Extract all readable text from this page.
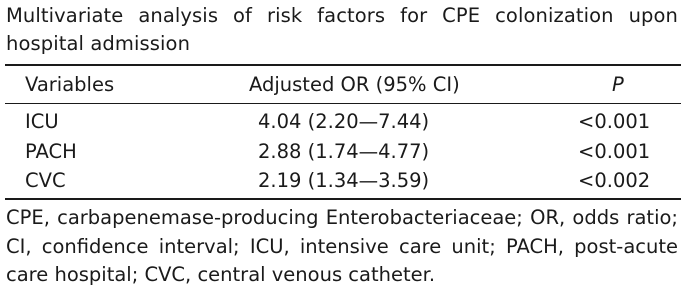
Multivariate analysis of risk factors for CPE colonization upon hospital admission
Variables	Adjusted OR (95% CI)	P
ICU	4.04 (2.20—7.44)	<0.001
PACH	2.88 (1.74—4.77)	<0.001
CVC	2.19 (1.34—3.59)	<0.002
CPE, carbapenemase-producing Enterobacteriaceae; OR, odds ratio; CI, confidence interval; ICU, intensive care unit; PACH, post-acute care hospital; CVC, central venous catheter.
